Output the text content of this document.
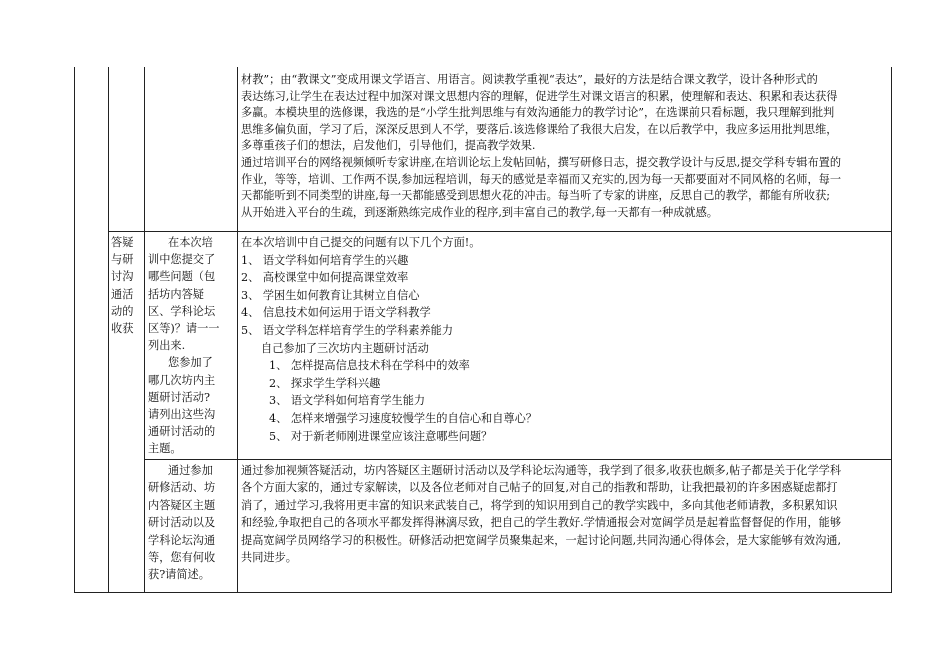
材教”；由“教课文”变成用课文学语言、用语言。阅读教学重视“表达”，最好的方法是结合课文教学，设计各种形式的

表达练习,让学生在表达过程中加深对课文思想内容的理解，促进学生对课文语言的积累，使理解和表达、积累和表达获得

多赢。本模块里的选修课，我选的是“小学生批判思维与有效沟通能力的教学讨论”，在选课前只看标题，我只理解到批判

思维多偏负面，学习了后，深深反思到人不学，要落后.该选修课给了我很大启发，在以后教学中，我应多运用批判思维，

多尊重孩子们的想法，启发他们，引导他们，提高教学效果.

通过培训平台的网络视频倾听专家讲座,在培训论坛上发帖回帖，撰写研修日志，提交教学设计与反思,提交学科专辑布置的

作业，等等，培训、工作两不误,参加远程培训，每天的感觉是幸福而又充实的,因为每一天都要面对不同风格的名师，每一

天都能听到不同类型的讲座,每一天都能感受到思想火花的冲击。每当听了专家的讲座，反思自己的教学，都能有所收获;

从开始进入平台的生疏，到逐渐熟练完成作业的程序,到丰富自己的教学,每一天都有一种成就感。

答疑

与研

讨沟

通活

动的

收获

在本次培

训中您提交了

哪些问题（包

括坊内答疑

区、学科论坛

区等)？请一一

列出来.

您参加了

哪几次坊内主

题研讨活动?

请列出这些沟

通研讨活动的

主题。

在本次培训中自己提交的问题有以下几个方面!。

1、 语文学科如何培育学生的兴趣

2、 高校课堂中如何提高课堂效率

3、 学困生如何教育让其树立自信心

4、 信息技术如何运用于语文学科教学

5、 语文学科怎样培育学生的学科素养能力

自己参加了三次坊内主题研讨活动

1、 怎样提高信息技术科在学科中的效率

2、 探求学生学科兴趣

3、 语文学科如何培育学生能力

4、 怎样来增强学习速度较慢学生的自信心和自尊心？

5、 对于新老师刚进课堂应该注意哪些问题？

通过参加

研修活动、坊

内答疑区主题

研讨活动以及

学科论坛沟通

等，您有何收

获?请简述。

通过参加视频答疑活动，坊内答疑区主题研讨活动以及学科论坛沟通等，我学到了很多,收获也颇多,帖子都是关于化学学科

各个方面大家的，通过专家解读，以及各位老师对自己帖子的回复,对自己的指教和帮助，让我把最初的许多困惑疑虑都打

消了，通过学习,我将用更丰富的知识来武装自己，将学到的知识用到自己的教学实践中，多向其他老师请教，多积累知识

和经验,争取把自己的各项水平都发挥得淋漓尽致，把自己的学生教好.学情通报会对宽阔学员是起着监督督促的作用，能够

提高宽阔学员网络学习的积极性。研修活动把宽阔学员聚集起来，一起讨论问题,共同沟通心得体会，是大家能够有效沟通,

共同进步。
